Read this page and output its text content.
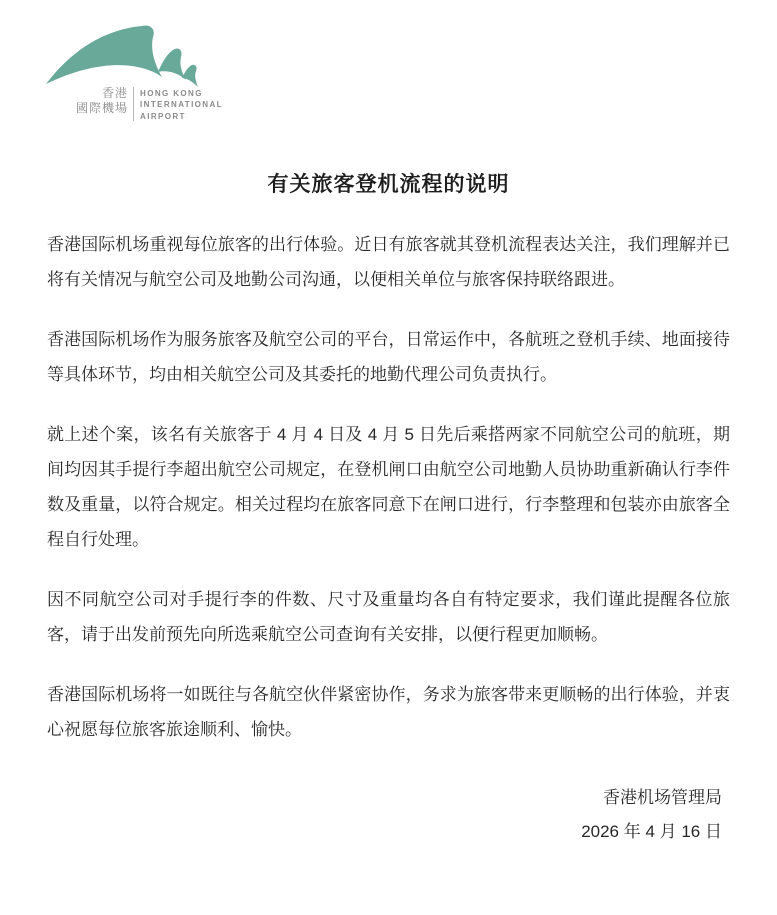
香港
國際機場
HONG KONG
INTERNATIONAL
AIRPORT
有关旅客登机流程的说明

香港国际机场重视每位旅客的出行体验。近日有旅客就其登机流程表达关注，我们理解并已将有关情况与航空公司及地勤公司沟通，以便相关单位与旅客保持联络跟进。

香港国际机场作为服务旅客及航空公司的平台，日常运作中，各航班之登机手续、地面接待等具体环节，均由相关航空公司及其委托的地勤代理公司负责执行。

就上述个案，该名有关旅客于 4 月 4 日及 4 月 5 日先后乘搭两家不同航空公司的航班，期间均因其手提行李超出航空公司规定，在登机闸口由航空公司地勤人员协助重新确认行李件数及重量，以符合规定。相关过程均在旅客同意下在闸口进行，行李整理和包装亦由旅客全程自行处理。

因不同航空公司对手提行李的件数、尺寸及重量均各自有特定要求，我们谨此提醒各位旅客，请于出发前预先向所选乘航空公司查询有关安排，以便行程更加顺畅。

香港国际机场将一如既往与各航空伙伴紧密协作，务求为旅客带来更顺畅的出行体验，并衷心祝愿每位旅客旅途顺利、愉快。

香港机场管理局
2026 年 4 月 16 日
